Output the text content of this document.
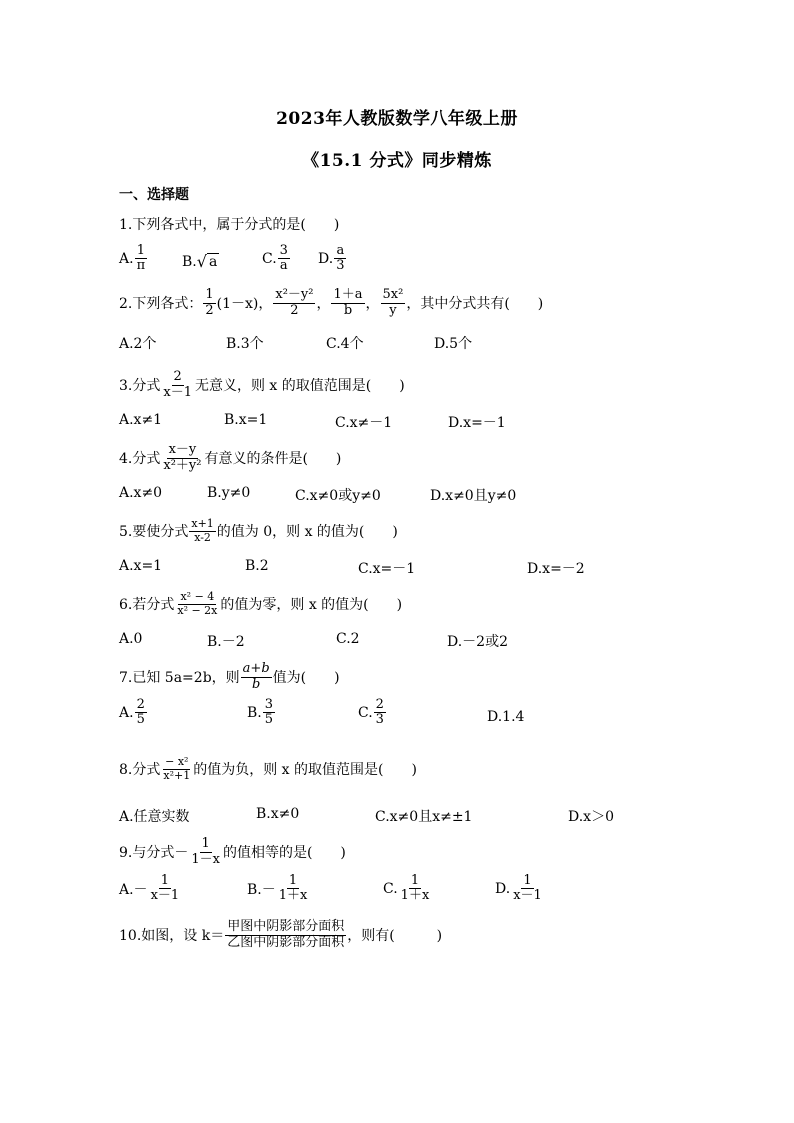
2023年人教版数学八年级上册
《15.1 分式》同步精炼
一、选择题
1.下列各式中，属于分式的是(　　)
A. $\frac{1}{\pi} B$. √ a	C. $\frac{3}{a} D$. $\frac{a}{3}$
2.下列各式： $\frac{1}{2} (1-x)$， $\frac{\text{x²－y²}}{2}$ ， $\frac{1+a}{b}$ ， $\frac{\text{5x²}}{y}$ ，其中分式共有(　　)
A.2个	B.3个	C.4个	D.5个
3.分式 $\frac{2}{x-1}$ 无意义，则 x 的取值范围是(　　)
A.x≠1	B.x=1	C.x≠－1	D.x=－1
4.分式 $\frac{x-y}{\text{x²＋y²}}$ 有意义的条件是(　　)
A.x≠0	B.y≠0	C.x≠0或y≠0	D.x≠0且y≠0
5.要使分式 $\frac{x+1}{x-2}$ 的值为 0，则 x 的值为(　　)
A.x=1	B.2	C.x=－1	D.x=－2
6.若分式 $\frac{\text{x² − 4}}{\text{x² − 2x}}$ 的值为零，则 x 的值为(　　)
A.0	B.－2	C.2	D.－2或2
7.已知 5a=2b，则 $\frac{a+b}{b}$ 值为(　　)
A. $\frac{2}{5}$	B. $\frac{3}{5}$	C. $\frac{2}{3}$	D.1.4
8.分式 $\frac{\text{− x²}}{\text{x²+1}}$ 的值为负，则 x 的取值范围是(　　)
A.任意实数	B.x≠0	C.x≠0且x≠±1	D.x＞0
9.与分式－ $\frac{1}{1-x}$ 的值相等的是(　　)
$A.- \frac{1}{x-1}$	$B.- \frac{1}{1+x}$	C. $\frac{1}{1+x}$	D. $\frac{1}{x-1}$
10.如图，设 $k= \frac{\text{甲图中阴影部分面积}}{\text{乙图中阴影部分面积}}$ ，则有(　　　)
